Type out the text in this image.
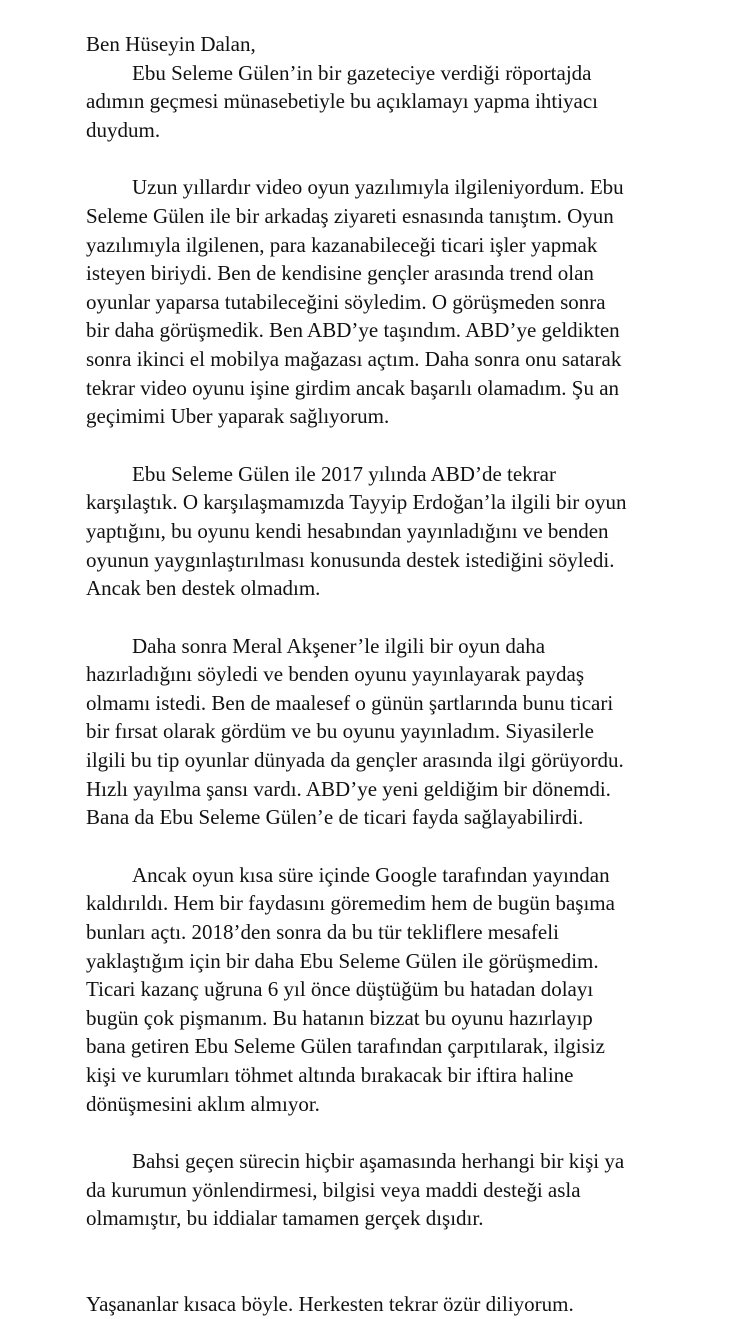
Ben Hüseyin Dalan,
Ebu Seleme Gülen’in bir gazeteciye verdiği röportajda
adımın geçmesi münasebetiyle bu açıklamayı yapma ihtiyacı
duydum.
Uzun yıllardır video oyun yazılımıyla ilgileniyordum. Ebu
Seleme Gülen ile bir arkadaş ziyareti esnasında tanıştım. Oyun
yazılımıyla ilgilenen, para kazanabileceği ticari işler yapmak
isteyen biriydi. Ben de kendisine gençler arasında trend olan
oyunlar yaparsa tutabileceğini söyledim. O görüşmeden sonra
bir daha görüşmedik. Ben ABD’ye taşındım. ABD’ye geldikten
sonra ikinci el mobilya mağazası açtım. Daha sonra onu satarak
tekrar video oyunu işine girdim ancak başarılı olamadım. Şu an
geçimimi Uber yaparak sağlıyorum.
Ebu Seleme Gülen ile 2017 yılında ABD’de tekrar
karşılaştık. O karşılaşmamızda Tayyip Erdoğan’la ilgili bir oyun
yaptığını, bu oyunu kendi hesabından yayınladığını ve benden
oyunun yaygınlaştırılması konusunda destek istediğini söyledi.
Ancak ben destek olmadım.
Daha sonra Meral Akşener’le ilgili bir oyun daha
hazırladığını söyledi ve benden oyunu yayınlayarak paydaş
olmamı istedi. Ben de maalesef o günün şartlarında bunu ticari
bir fırsat olarak gördüm ve bu oyunu yayınladım. Siyasilerle
ilgili bu tip oyunlar dünyada da gençler arasında ilgi görüyordu.
Hızlı yayılma şansı vardı. ABD’ye yeni geldiğim bir dönemdi.
Bana da Ebu Seleme Gülen’e de ticari fayda sağlayabilirdi.
Ancak oyun kısa süre içinde Google tarafından yayından
kaldırıldı. Hem bir faydasını göremedim hem de bugün başıma
bunları açtı. 2018’den sonra da bu tür tekliflere mesafeli
yaklaştığım için bir daha Ebu Seleme Gülen ile görüşmedim.
Ticari kazanç uğruna 6 yıl önce düştüğüm bu hatadan dolayı
bugün çok pişmanım. Bu hatanın bizzat bu oyunu hazırlayıp
bana getiren Ebu Seleme Gülen tarafından çarpıtılarak, ilgisiz
kişi ve kurumları töhmet altında bırakacak bir iftira haline
dönüşmesini aklım almıyor.
Bahsi geçen sürecin hiçbir aşamasında herhangi bir kişi ya
da kurumun yönlendirmesi, bilgisi veya maddi desteği asla
olmamıştır, bu iddialar tamamen gerçek dışıdır.
Yaşananlar kısaca böyle. Herkesten tekrar özür diliyorum.
